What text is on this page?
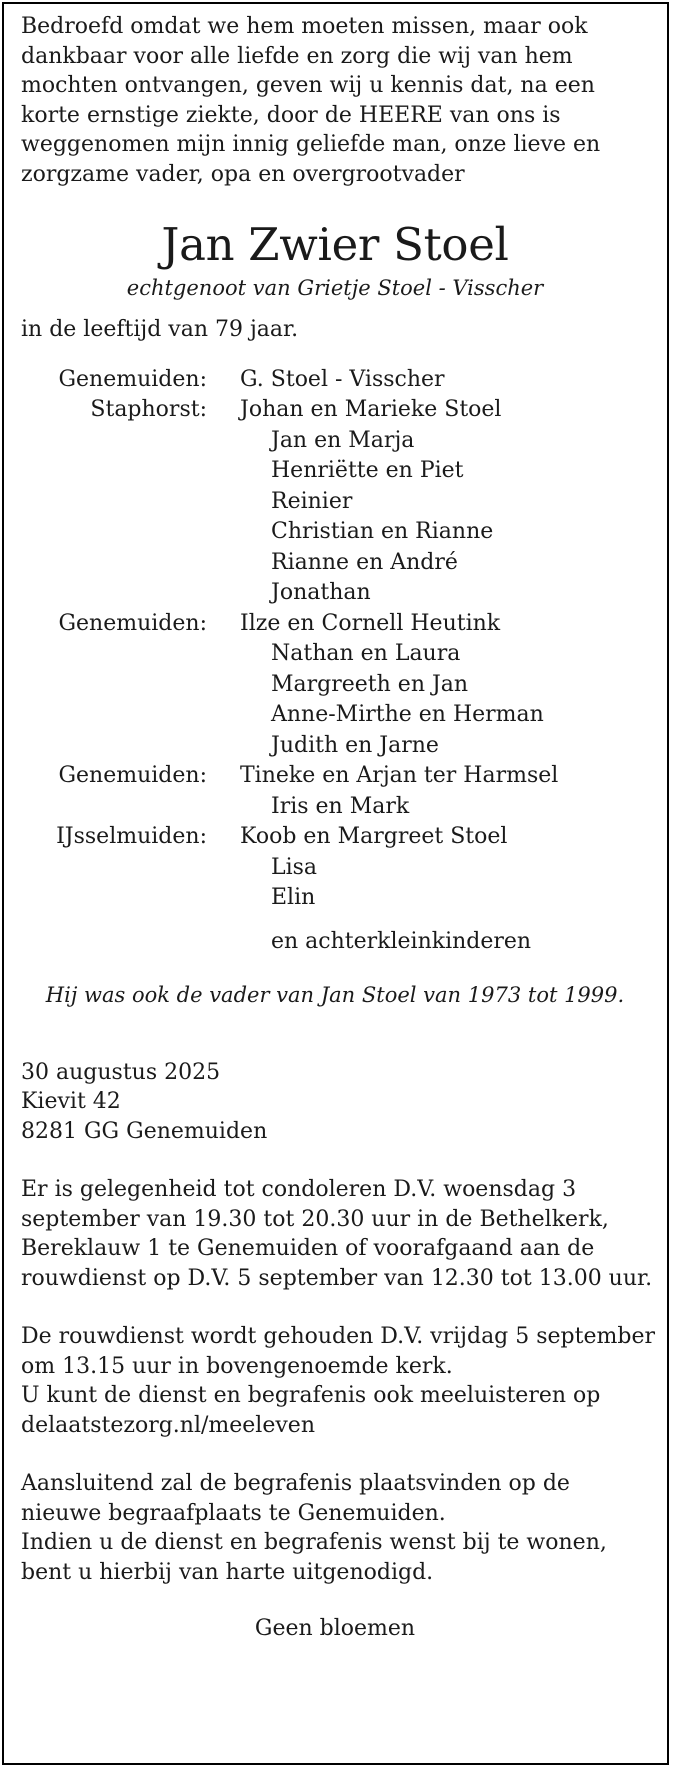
Bedroefd omdat we hem moeten missen, maar ook
dankbaar voor alle liefde en zorg die wij van hem
mochten ontvangen, geven wij u kennis dat, na een
korte ernstige ziekte, door de HEERE van ons is
weggenomen mijn innig geliefde man, onze lieve en
zorgzame vader, opa en overgrootvader
Jan Zwier Stoel
echtgenoot van Grietje Stoel - Visscher
in de leeftijd van 79 jaar.
Genemuiden:	G. Stoel - Visscher
Staphorst:	Johan en Marieke Stoel
Jan en Marja
Henriëtte en Piet
Reinier
Christian en Rianne
Rianne en André
Jonathan
Genemuiden:	Ilze en Cornell Heutink
Nathan en Laura
Margreeth en Jan
Anne-Mirthe en Herman
Judith en Jarne
Genemuiden:	Tineke en Arjan ter Harmsel
Iris en Mark
IJsselmuiden:	Koob en Margreet Stoel
Lisa
Elin
en achterkleinkinderen
Hij was ook de vader van Jan Stoel van 1973 tot 1999.
30 augustus 2025
Kievit 42
8281 GG Genemuiden
Er is gelegenheid tot condoleren D.V. woensdag 3
september van 19.30 tot 20.30 uur in de Bethelkerk,
Bereklauw 1 te Genemuiden of voorafgaand aan de
rouwdienst op D.V. 5 september van 12.30 tot 13.00 uur.
De rouwdienst wordt gehouden D.V. vrijdag 5 september
om 13.15 uur in bovengenoemde kerk.
U kunt de dienst en begrafenis ook meeluisteren op
delaatstezorg.nl/meeleven
Aansluitend zal de begrafenis plaatsvinden op de
nieuwe begraafplaats te Genemuiden.
Indien u de dienst en begrafenis wenst bij te wonen,
bent u hierbij van harte uitgenodigd.
Geen bloemen
